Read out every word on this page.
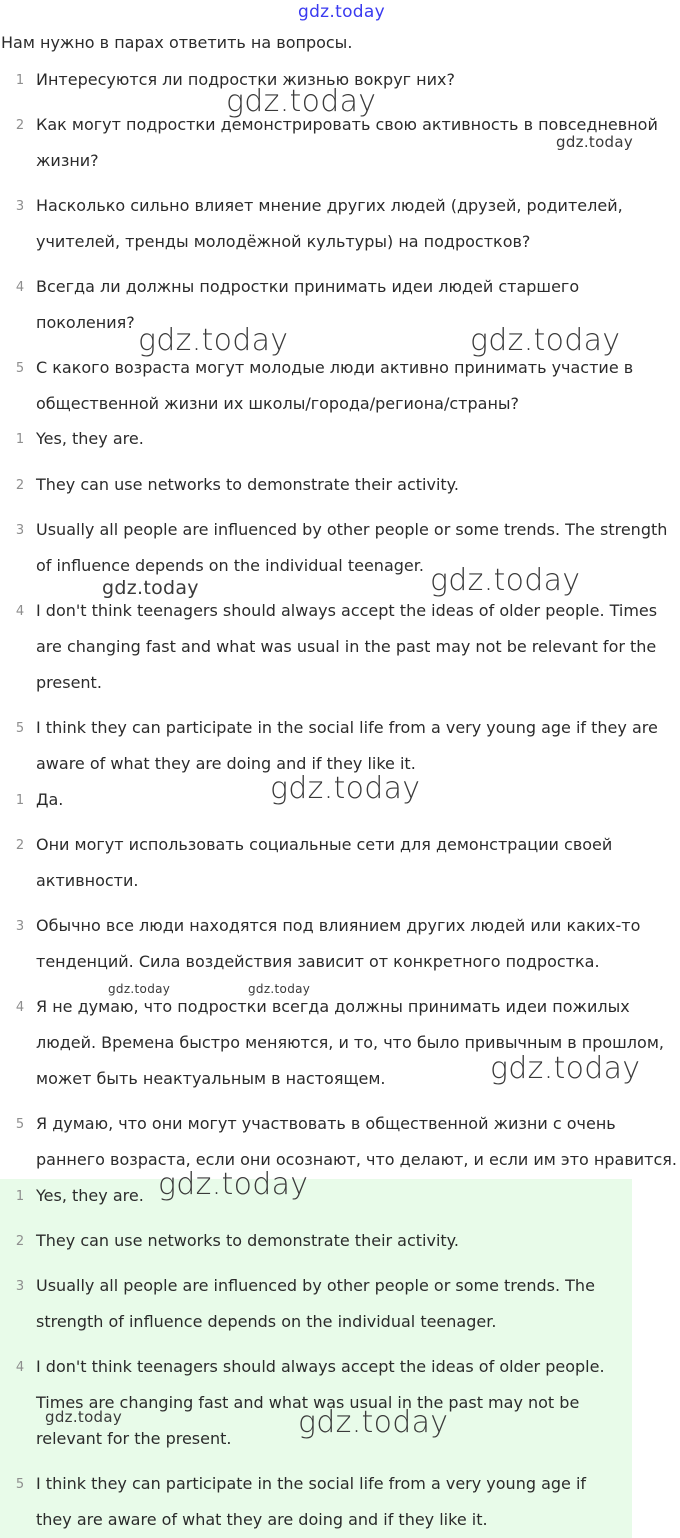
Нам нужно в парах ответить на вопросы.
1 Интересуются ли подростки жизнью вокруг них?
2 Как могут подростки демонстрировать свою активность в повседневной
жизни?
3 Насколько сильно влияет мнение других людей (друзей, родителей,
учителей, тренды молодёжной культуры) на подростков?
4 Всегда ли должны подростки принимать идеи людей старшего
поколения?
5 С какого возраста могут молодые люди активно принимать участие в
общественной жизни их школы/города/региона/страны?
1 Yes, they are.
2 They can use networks to demonstrate their activity.
3 Usually all people are influenced by other people or some trends. The strength
of influence depends on the individual teenager.
4 I don't think teenagers should always accept the ideas of older people. Times
are changing fast and what was usual in the past may not be relevant for the
present.
5 I think they can participate in the social life from a very young age if they are
aware of what they are doing and if they like it.
1 Да.
2 Они могут использовать социальные сети для демонстрации своей
активности.
3 Обычно все люди находятся под влиянием других людей или каких-то
тенденций. Сила воздействия зависит от конкретного подростка.
4 Я не думаю, что подростки всегда должны принимать идеи пожилых
людей. Времена быстро меняются, и то, что было привычным в прошлом,
может быть неактуальным в настоящем.
5 Я думаю, что они могут участвовать в общественной жизни с очень
раннего возраста, если они осознают, что делают, и если им это нравится.
1 Yes, they are.
2 They can use networks to demonstrate their activity.
3 Usually all people are influenced by other people or some trends. The
strength of influence depends on the individual teenager.
4 I don't think teenagers should always accept the ideas of older people.
Times are changing fast and what was usual in the past may not be
relevant for the present.
5 I think they can participate in the social life from a very young age if
they are aware of what they are doing and if they like it.
gdz.today
gdz.today
gdz.today
gdz.today	gdz.today
gdz.today	gdz.today
gdz.today
gdz.today	gdz.today
gdz.today
gdz.today
gdz.today	gdz.today
